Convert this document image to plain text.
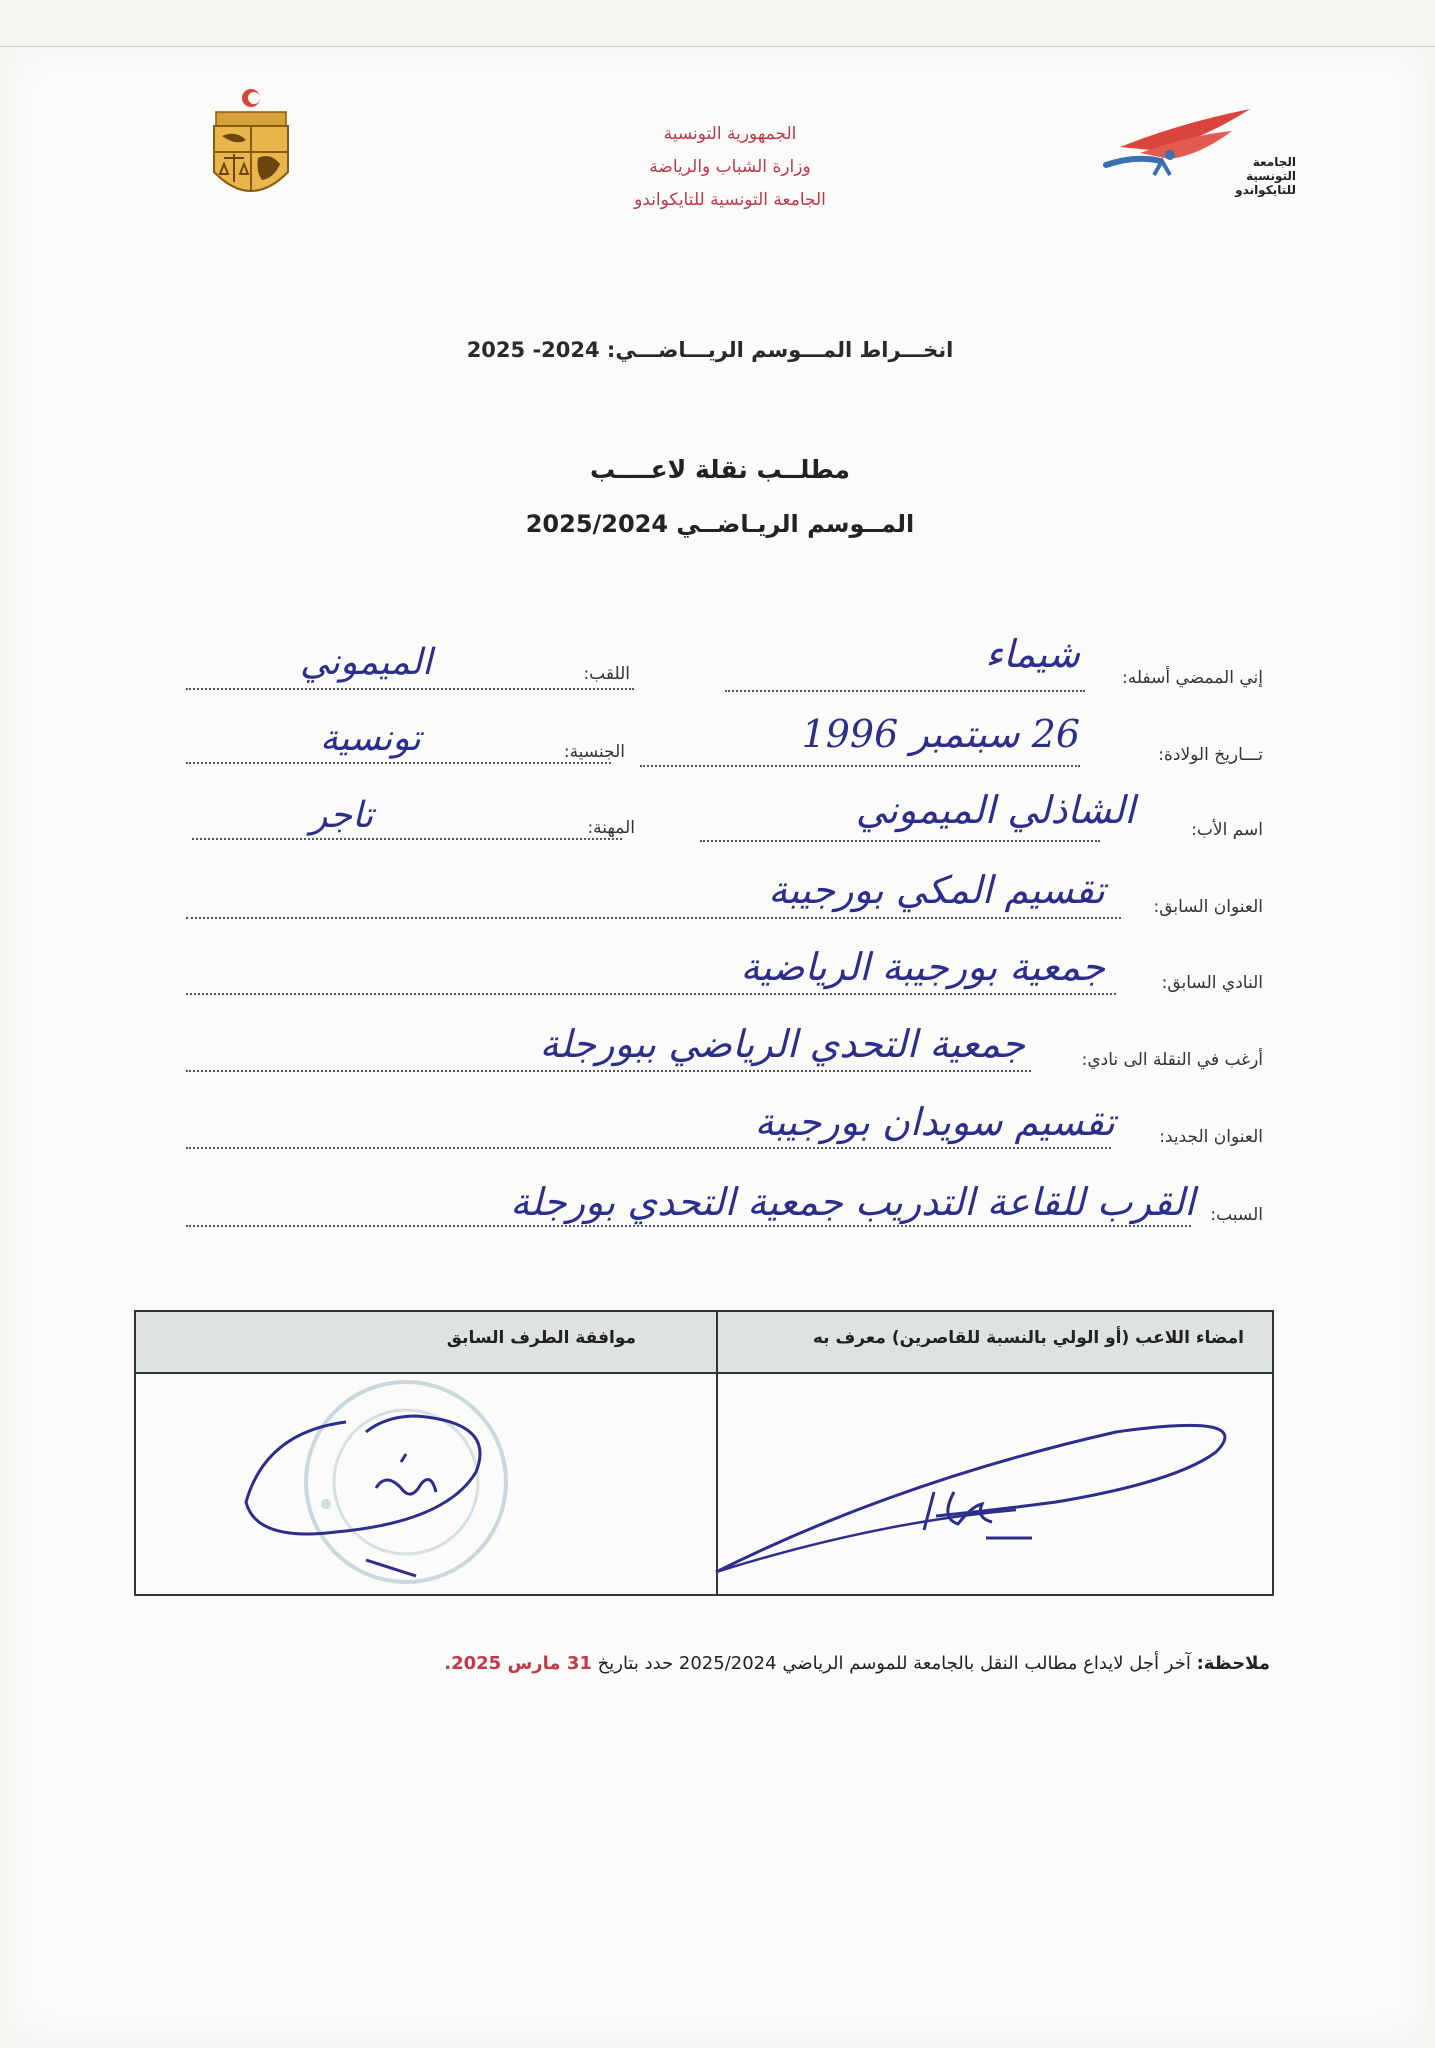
الجمهورية التونسية
وزارة الشباب والرياضة
الجامعة التونسية للتايكواندو
الجامعة
التونسية
للتايكواندو
انخـــراط المـــوسم الريـــاضـــي: 2024- 2025
مطلــب نقلة لاعــــب
المــوسم الريـاضــي 2025/2024
إني الممضي أسفله:
شيماء
اللقب:
الميموني
تـــاريخ الولادة:
26 سبتمبر 1996
الجنسية:
تونسية
اسم الأب:
الشاذلي الميموني
المهنة:
تاجر
العنوان السابق:
تقسيم المكي بورجيبة
النادي السابق:
جمعية بورجيبة الرياضية
أرغب في النقلة الى نادي:
جمعية التحدي الرياضي ببورجلة
العنوان الجديد:
تقسيم سويدان بورجيبة
السبب:
القرب للقاعة التدريب جمعية التحدي بورجلة
امضاء اللاعب (أو الولي بالنسبة للقاصرين) معرف به
موافقة الطرف السابق
ملاحظة: آخر أجل لايداع مطالب النقل بالجامعة للموسم الرياضي 2025/2024 حدد بتاريخ 31 مارس 2025.
